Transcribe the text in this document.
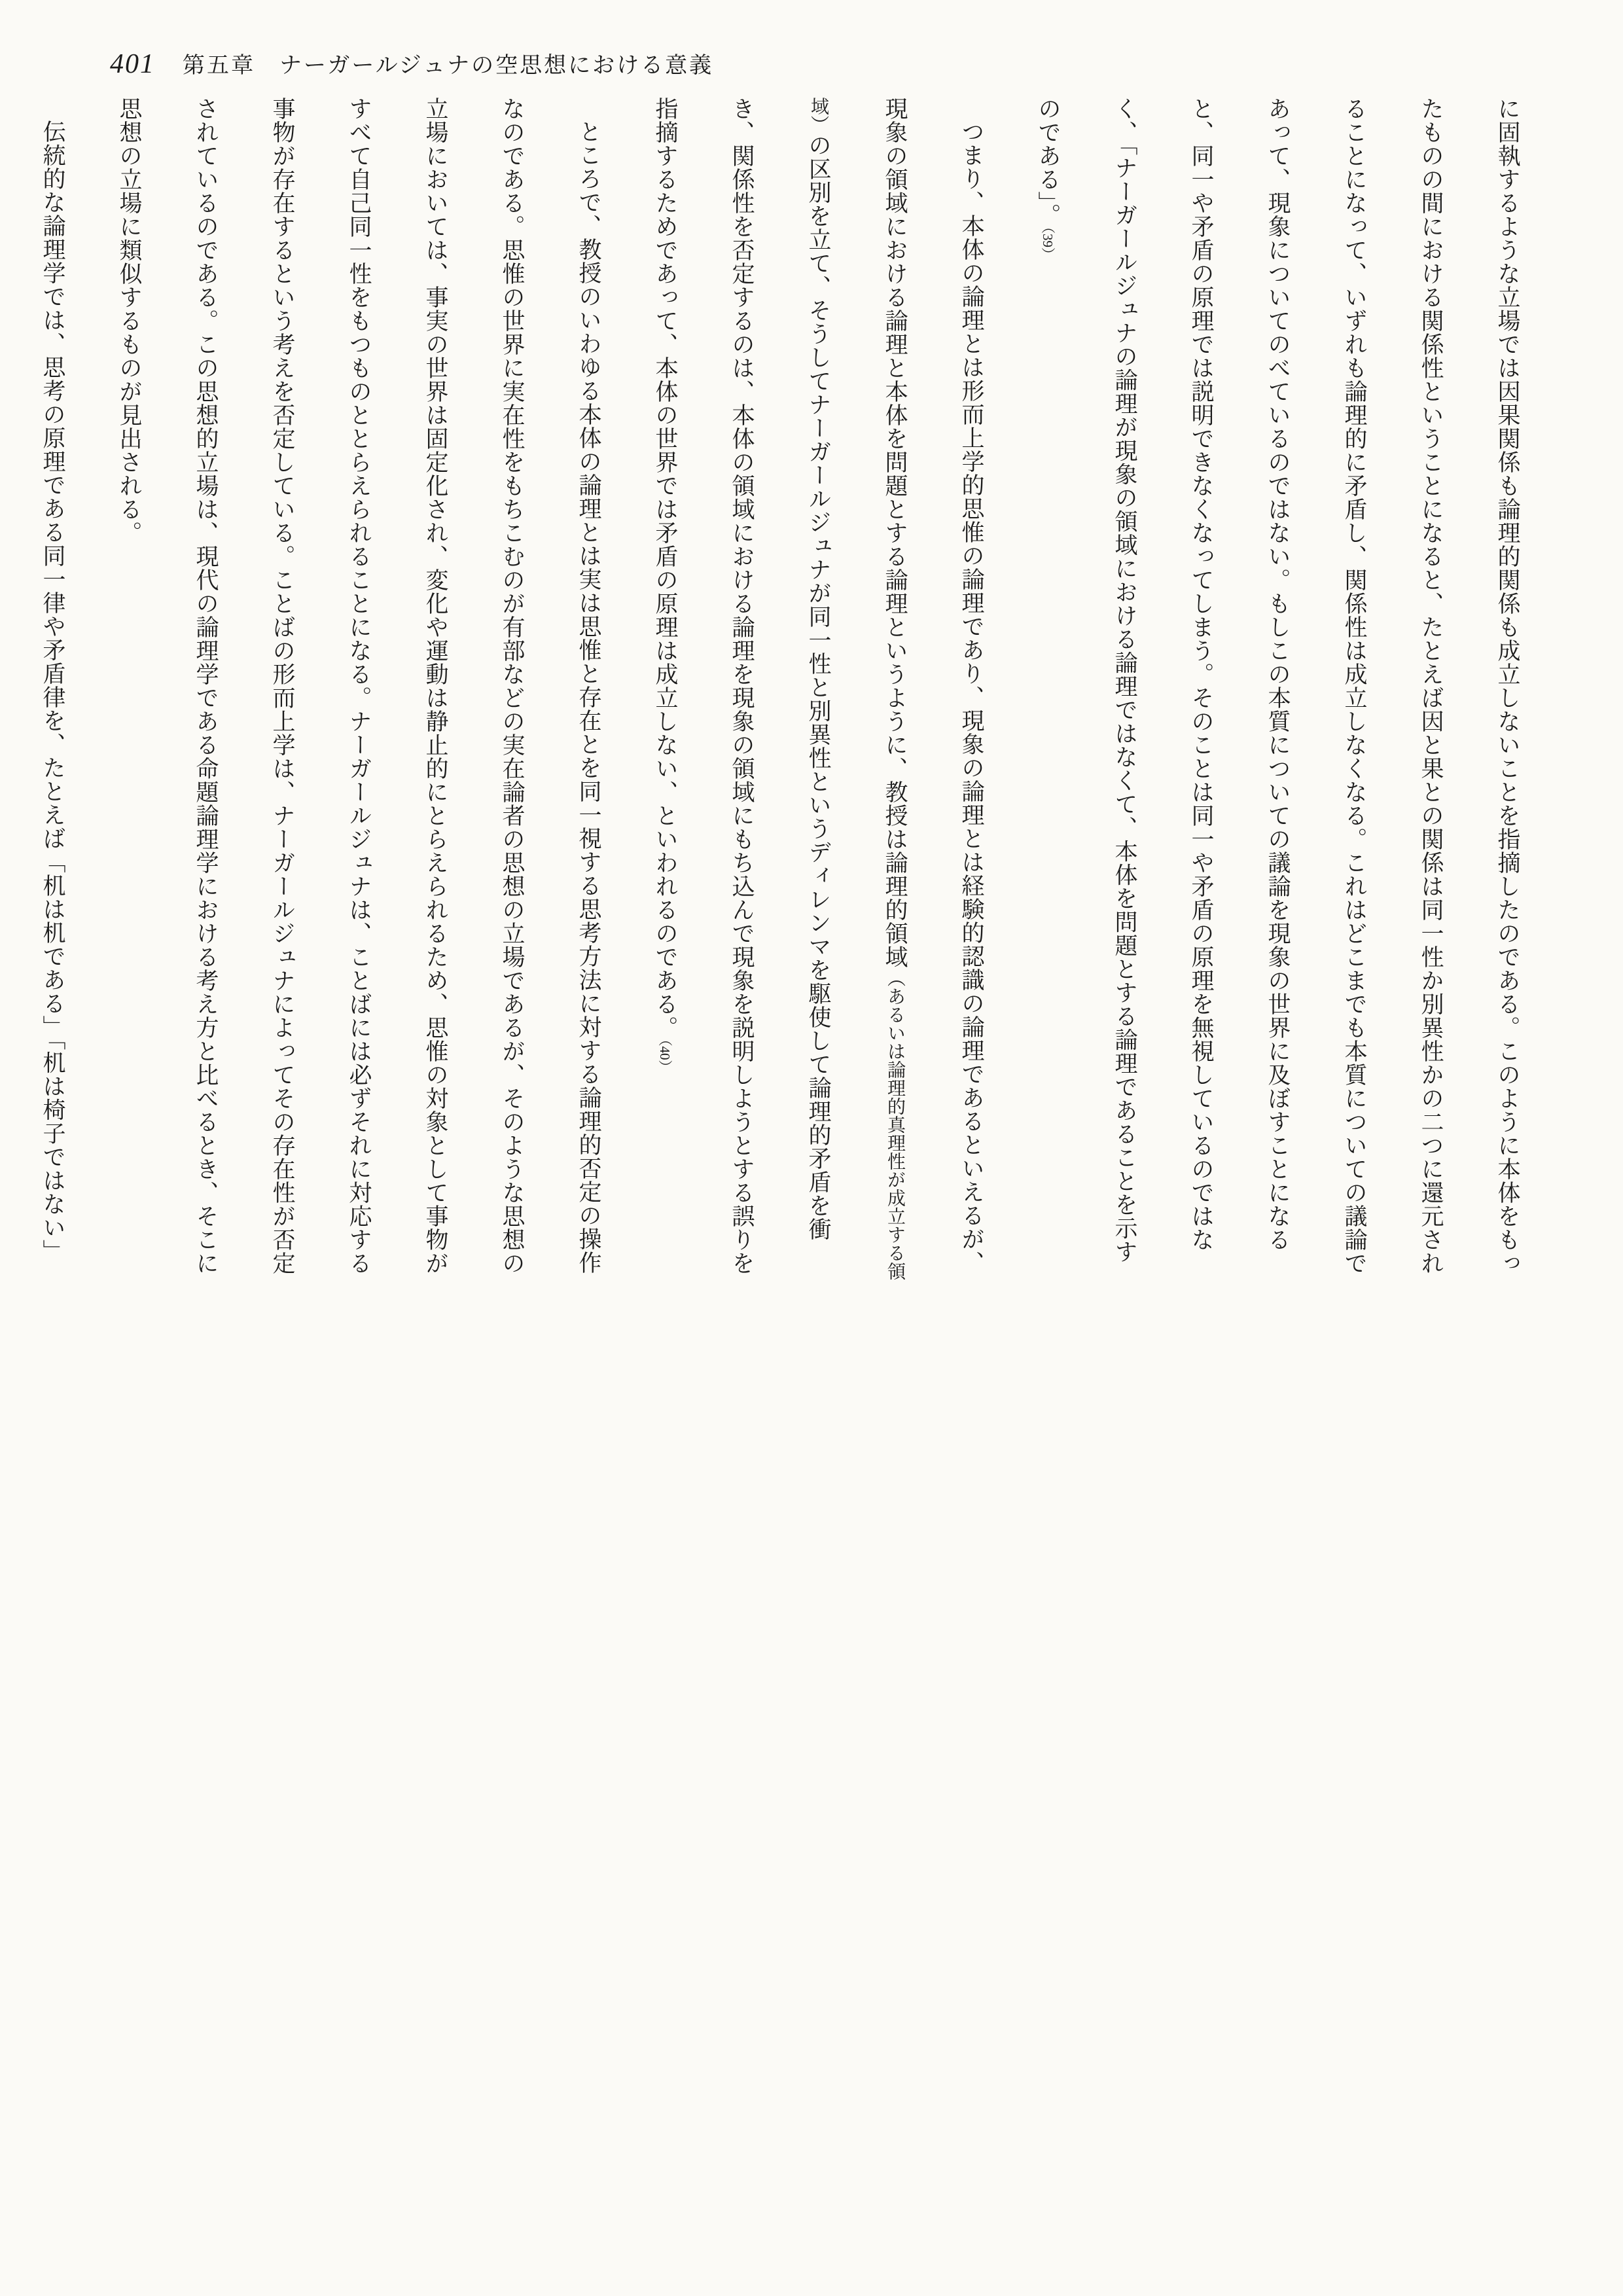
401 第五章　ナーガールジュナの空思想における意義

に固執するような立場では因果関係も論理的関係も成立しないことを指摘したのである。このように本体をもったものの間における関係性ということになると、たとえば因と果との関係は同一性か別異性かの二つに還元されることになって、いずれも論理的に矛盾し、関係性は成立しなくなる。これはどこまでも本質についての議論であって、現象についてのべているのではない。もしこの本質についての議論を現象の世界に及ぼすことになると、同一や矛盾の原理では説明できなくなってしまう。そのことは同一や矛盾の原理を無視しているのではなく、「ナーガールジュナの論理が現象の領域における論理ではなくて、本体を問題とする論理であることを示すのである」。（39）

つまり、本体の論理とは形而上学的思惟の論理であり、現象の論理とは経験的認識の論理であるといえるが、現象の領域における論理と本体を問題とする論理というように、教授は論理的領域（あるいは論理的真理性が成立する領域）の区別を立て、そうしてナーガールジュナが同一性と別異性というディレンマを駆使して論理的矛盾を衝き、関係性を否定するのは、本体の領域における論理を現象の領域にもち込んで現象を説明しようとする誤りを指摘するためであって、本体の世界では矛盾の原理は成立しない、といわれるのである。（40）

ところで、教授のいわゆる本体の論理とは実は思惟と存在とを同一視する思考方法に対する論理的否定の操作なのである。思惟の世界に実在性をもちこむのが有部などの実在論者の思想の立場であるが、そのような思想の立場においては、事実の世界は固定化され、変化や運動は静止的にとらえられるため、思惟の対象として事物がすべて自己同一性をもつものととらえられることになる。ナーガールジュナは、ことばには必ずそれに対応する事物が存在するという考えを否定している。ことばの形而上学は、ナーガールジュナによってその存在性が否定されているのである。この思想的立場は、現代の論理学である命題論理学における考え方と比べるとき、そこに思想の立場に類似するものが見出される。

伝統的な論理学では、思考の原理である同一律や矛盾律を、たとえば「机は机である」「机は椅子ではない」
